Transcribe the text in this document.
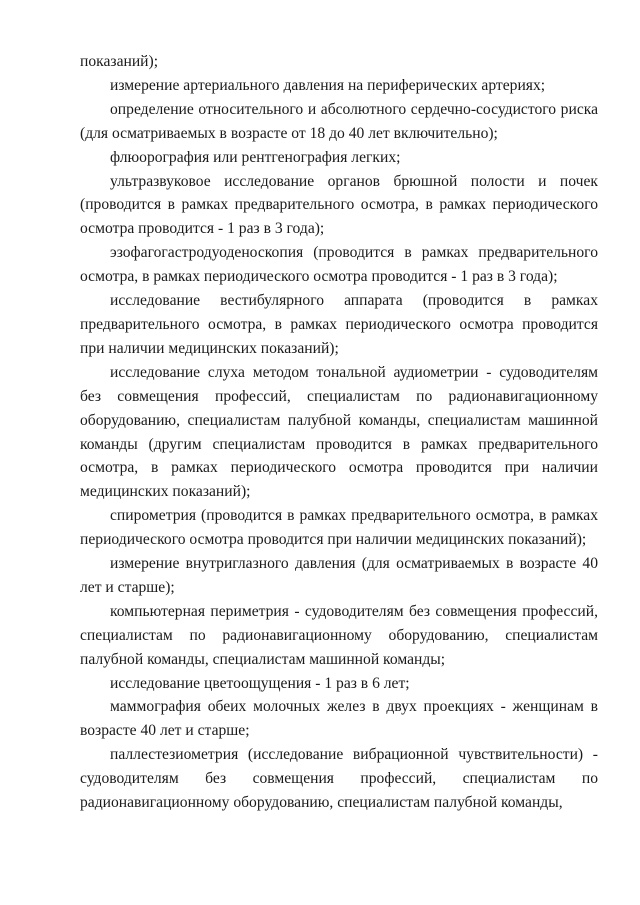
показаний);

измерение артериального давления на периферических артериях;

определение относительного и абсолютного сердечно-сосудистого риска (для осматриваемых в возрасте от 18 до 40 лет включительно);

флюорография или рентгенография легких;

ультразвуковое исследование органов брюшной полости и почек (проводится в рамках предварительного осмотра, в рамках периодического осмотра проводится - 1 раз в 3 года);

эзофагогастродуоденоскопия (проводится в рамках предварительного осмотра, в рамках периодического осмотра проводится - 1 раз в 3 года);

исследование вестибулярного аппарата (проводится в рамках предварительного осмотра, в рамках периодического осмотра проводится при наличии медицинских показаний);

исследование слуха методом тональной аудиометрии - судоводителям без совмещения профессий, специалистам по радионавигационному оборудованию, специалистам палубной команды, специалистам машинной команды (другим специалистам проводится в рамках предварительного осмотра, в рамках периодического осмотра проводится при наличии медицинских показаний);

спирометрия (проводится в рамках предварительного осмотра, в рамках периодического осмотра проводится при наличии медицинских показаний);

измерение внутриглазного давления (для осматриваемых в возрасте 40 лет и старше);

компьютерная периметрия - судоводителям без совмещения профессий, специалистам по радионавигационному оборудованию, специалистам палубной команды, специалистам машинной команды;

исследование цветоощущения - 1 раз в 6 лет;

маммография обеих молочных желез в двух проекциях - женщинам в возрасте 40 лет и старше;

паллестезиометрия (исследование вибрационной чувствительности) - судоводителям без совмещения профессий, специалистам по радионавигационному оборудованию, специалистам палубной команды,
